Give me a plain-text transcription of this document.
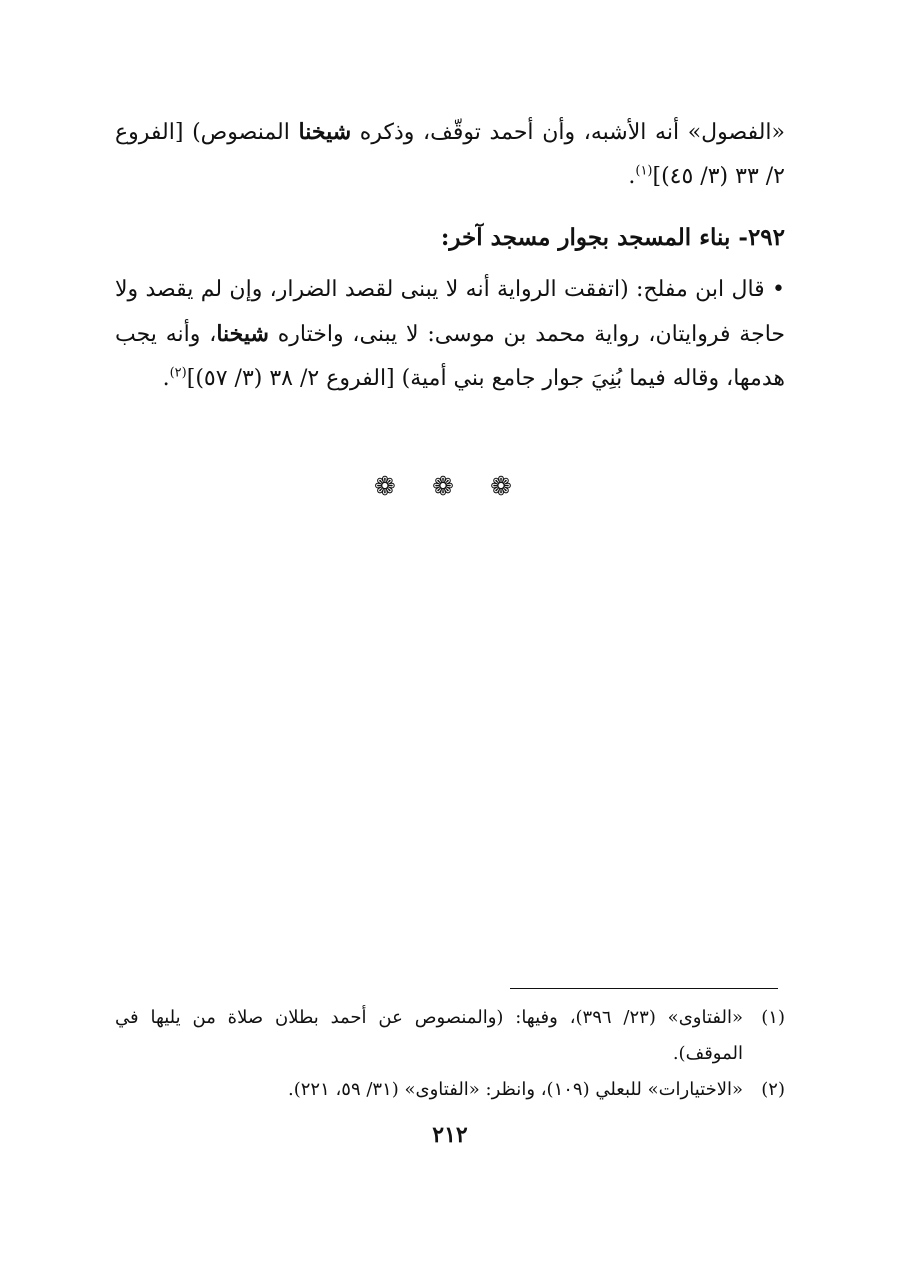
«الفصول» أنه الأشبه، وأن أحمد توقّف، وذكره شيخنا المنصوص) [الفروع ٢/ ٣٣ (٣/ ٤٥)]$^{(١)}$.

٢٩٢- بناء المسجد بجوار مسجد آخر:

• قال ابن مفلح: (اتفقت الرواية أنه لا يبنى لقصد الضرار، وإن لم يقصد ولا حاجة فروايتان، رواية محمد بن موسى: لا يبنى، واختاره شيخنا، وأنه يجب هدمها، وقاله فيما بُنِيَ جوار جامع بني أمية) [الفروع ٢/ ٣٨ (٣/ ٥٧)]$^{(٢)}$.

❁ ❁ ❁
(١)
«الفتاوى» (٢٣/ ٣٩٦)، وفيها: (والمنصوص عن أحمد بطلان صلاة من يليها في الموقف).
(٢)
«الاختيارات» للبعلي (١٠٩)، وانظر: «الفتاوى» (٣١/ ٥٩، ٢٢١).
٢١٢
